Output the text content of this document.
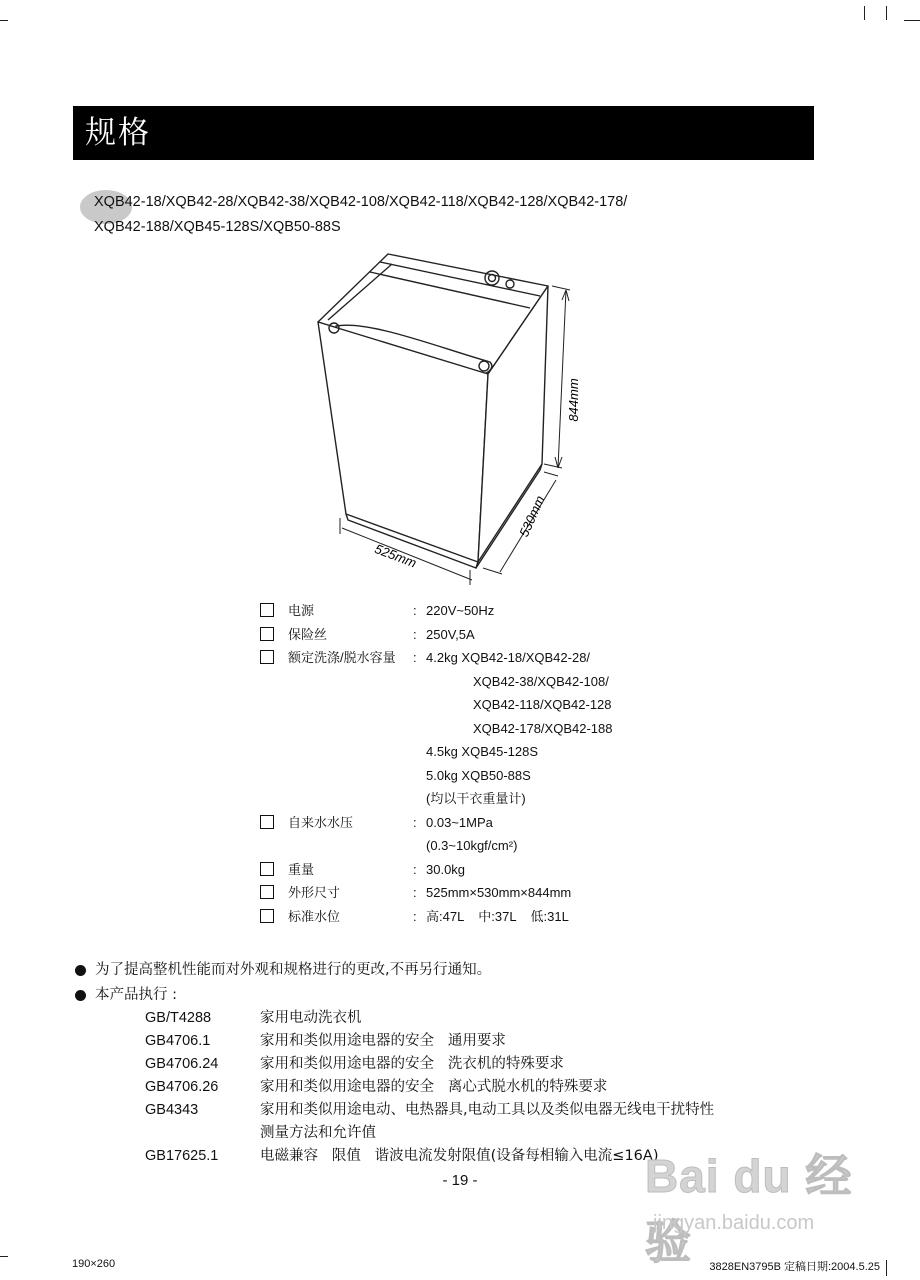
规格
XQB42-18/XQB42-28/XQB42-38/XQB42-108/XQB42-118/XQB42-128/XQB42-178/
XQB42-188/XQB45-128S/XQB50-88S
844mm
530mm
525mm
电源	: 220V~50Hz
保险丝	: 250V,5A
额定洗涤/脱水容量 : 4.2kg XQB42-18/XQB42-28/
XQB42-38/XQB42-108/
XQB42-118/XQB42-128
XQB42-178/XQB42-188
4.5kg XQB45-128S
5.0kg XQB50-88S
(均以干衣重量计)
自来水水压	: 0.03~1MPa
(0.3~10kgf/cm²)
重量	: 30.0kg
外形尺寸	: 525mm×530mm×844mm
标准水位	: 高:47L    中:37L    低:31L
为了提高整机性能而对外观和规格进行的更改,不再另行通知。
本产品执行 :
GB/T4288	家用电动洗衣机
GB4706.1	家用和类似用途电器的安全   通用要求
GB4706.24	家用和类似用途电器的安全   洗衣机的特殊要求
GB4706.26	家用和类似用途电器的安全   离心式脱水机的特殊要求
GB4343	家用和类似用途电动、电热器具,电动工具以及类似电器无线电干扰特性
测量方法和允许值
GB17625.1	电磁兼容   限值   谐波电流发射限值(设备每相输入电流≤16A)
- 19 -	Bai du 经验
jingyan.baidu.com
190×260	3828EN3795B 定稿日期:2004.5.25
